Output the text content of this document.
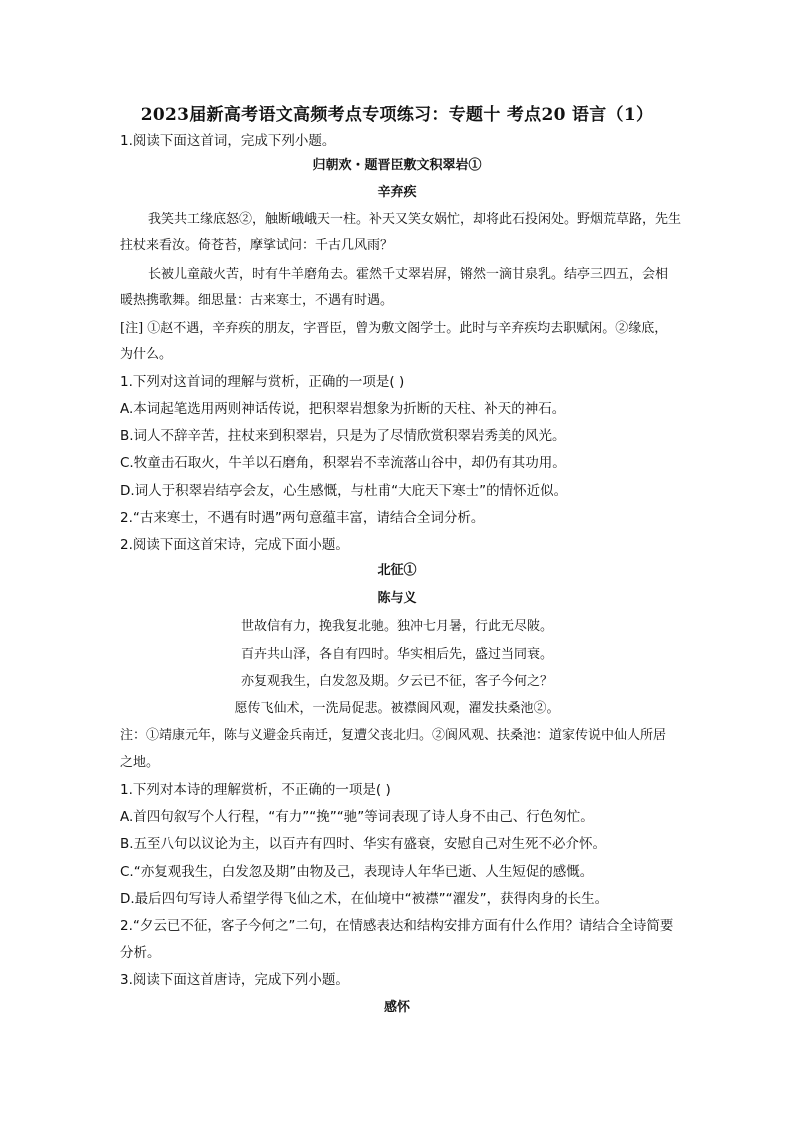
2023届新高考语文高频考点专项练习：专题十 考点20 语言（1）
1.阅读下面这首词，完成下列小题。
归朝欢・题晋臣敷文积翠岩①
辛弃疾
我笑共工缘底怒②，触断峨峨天一柱。补天又笑女娲忙，却将此石投闲处。野烟荒草路，先生
拄杖来看汝。倚苍苔，摩挲试问：千古几风雨？
长被儿童敲火苦，时有牛羊磨角去。霍然千丈翠岩屏，锵然一滴甘泉乳。结亭三四五，会相
暖热携歌舞。细思量：古来寒士，不遇有时遇。
[注] ①赵不遇，辛弃疾的朋友，字晋臣，曾为敷文阁学士。此时与辛弃疾均去职赋闲。②缘底，
为什么。
1.下列对这首词的理解与赏析，正确的一项是( )
A.本词起笔选用两则神话传说，把积翠岩想象为折断的天柱、补天的神石。
B.词人不辞辛苦，拄杖来到积翠岩，只是为了尽情欣赏积翠岩秀美的风光。
C.牧童击石取火，牛羊以石磨角，积翠岩不幸流落山谷中，却仍有其功用。
D.词人于积翠岩结亭会友，心生感慨，与杜甫“大庇天下寒士”的情怀近似。
2.“古来寒士，不遇有时遇”两句意蕴丰富，请结合全词分析。
2.阅读下面这首宋诗，完成下面小题。
北征①
陈与义
世故信有力，挽我复北驰。独冲七月暑，行此无尽陂。
百卉共山泽，各自有四时。华实相后先，盛过当同衰。
亦复观我生，白发忽及期。夕云已不征，客子今何之？
愿传飞仙术，一洗局促悲。被襟阆风观，濯发扶桑池②。
注：①靖康元年，陈与义避金兵南迁，复遭父丧北归。②阆风观、扶桑池：道家传说中仙人所居
之地。
1.下列对本诗的理解赏析，不正确的一项是( )
A.首四句叙写个人行程，“有力”“挽”“驰”等词表现了诗人身不由己、行色匆忙。
B.五至八句以议论为主，以百卉有四时、华实有盛衰，安慰自己对生死不必介怀。
C.“亦复观我生，白发忽及期”由物及己，表现诗人年华已逝、人生短促的感慨。
D.最后四句写诗人希望学得飞仙之术，在仙境中“被襟”“濯发”，获得肉身的长生。
2.“夕云已不征，客子今何之”二句，在情感表达和结构安排方面有什么作用？请结合全诗简要
分析。
3.阅读下面这首唐诗，完成下列小题。
感怀
